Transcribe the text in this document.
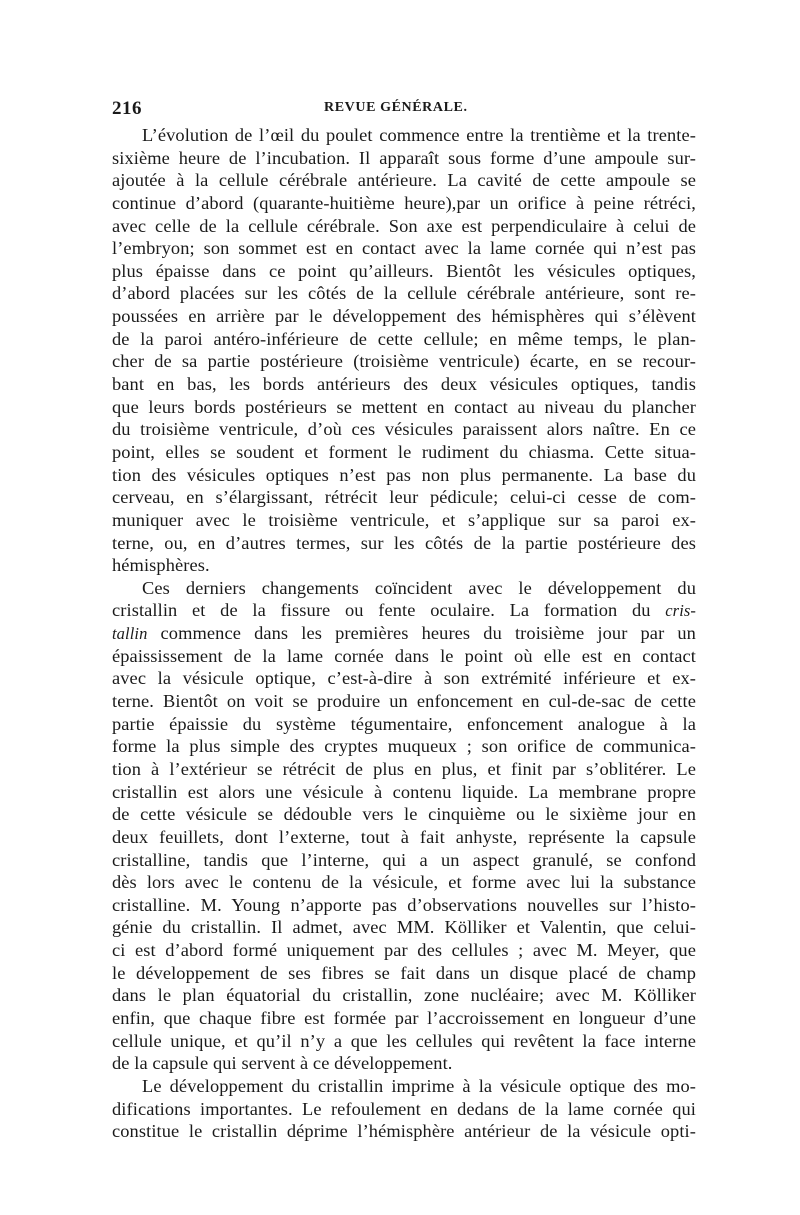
216	REVUE GÉNÉRALE.
L’évolution de l’œil du poulet commence entre la trentième et la trente-
sixième heure de l’incubation. Il apparaît sous forme d’une ampoule sur-
ajoutée à la cellule cérébrale antérieure. La cavité de cette ampoule se
continue d’abord (quarante-huitième heure),par un orifice à peine rétréci,
avec celle de la cellule cérébrale. Son axe est perpendiculaire à celui de
l’embryon; son sommet est en contact avec la lame cornée qui n’est pas
plus épaisse dans ce point qu’ailleurs. Bientôt les vésicules optiques,
d’abord placées sur les côtés de la cellule cérébrale antérieure, sont re-
poussées en arrière par le développement des hémisphères qui s’élèvent
de la paroi antéro-inférieure de cette cellule; en même temps, le plan-
cher de sa partie postérieure (troisième ventricule) écarte, en se recour-
bant en bas, les bords antérieurs des deux vésicules optiques, tandis
que leurs bords postérieurs se mettent en contact au niveau du plancher
du troisième ventricule, d’où ces vésicules paraissent alors naître. En ce
point, elles se soudent et forment le rudiment du chiasma. Cette situa-
tion des vésicules optiques n’est pas non plus permanente. La base du
cerveau, en s’élargissant, rétrécit leur pédicule; celui-ci cesse de com-
muniquer avec le troisième ventricule, et s’applique sur sa paroi ex-
terne, ou, en d’autres termes, sur les côtés de la partie postérieure des
hémisphères.
Ces derniers changements coïncident avec le développement du
cristallin et de la fissure ou fente oculaire. La formation du cris-
tallin commence dans les premières heures du troisième jour par un
épaississement de la lame cornée dans le point où elle est en contact
avec la vésicule optique, c’est-à-dire à son extrémité inférieure et ex-
terne. Bientôt on voit se produire un enfoncement en cul-de-sac de cette
partie épaissie du système tégumentaire, enfoncement analogue à la
forme la plus simple des cryptes muqueux ; son orifice de communica-
tion à l’extérieur se rétrécit de plus en plus, et finit par s’oblitérer. Le
cristallin est alors une vésicule à contenu liquide. La membrane propre
de cette vésicule se dédouble vers le cinquième ou le sixième jour en
deux feuillets, dont l’externe, tout à fait anhyste, représente la capsule
cristalline, tandis que l’interne, qui a un aspect granulé, se confond
dès lors avec le contenu de la vésicule, et forme avec lui la substance
cristalline. M. Young n’apporte pas d’observations nouvelles sur l’histo-
génie du cristallin. Il admet, avec MM. Kölliker et Valentin, que celui-
ci est d’abord formé uniquement par des cellules ; avec M. Meyer, que
le développement de ses fibres se fait dans un disque placé de champ
dans le plan équatorial du cristallin, zone nucléaire; avec M. Kölliker
enfin, que chaque fibre est formée par l’accroissement en longueur d’une
cellule unique, et qu’il n’y a que les cellules qui revêtent la face interne
de la capsule qui servent à ce développement.
Le développement du cristallin imprime à la vésicule optique des mo-
difications importantes. Le refoulement en dedans de la lame cornée qui
constitue le cristallin déprime l’hémisphère antérieur de la vésicule opti-
